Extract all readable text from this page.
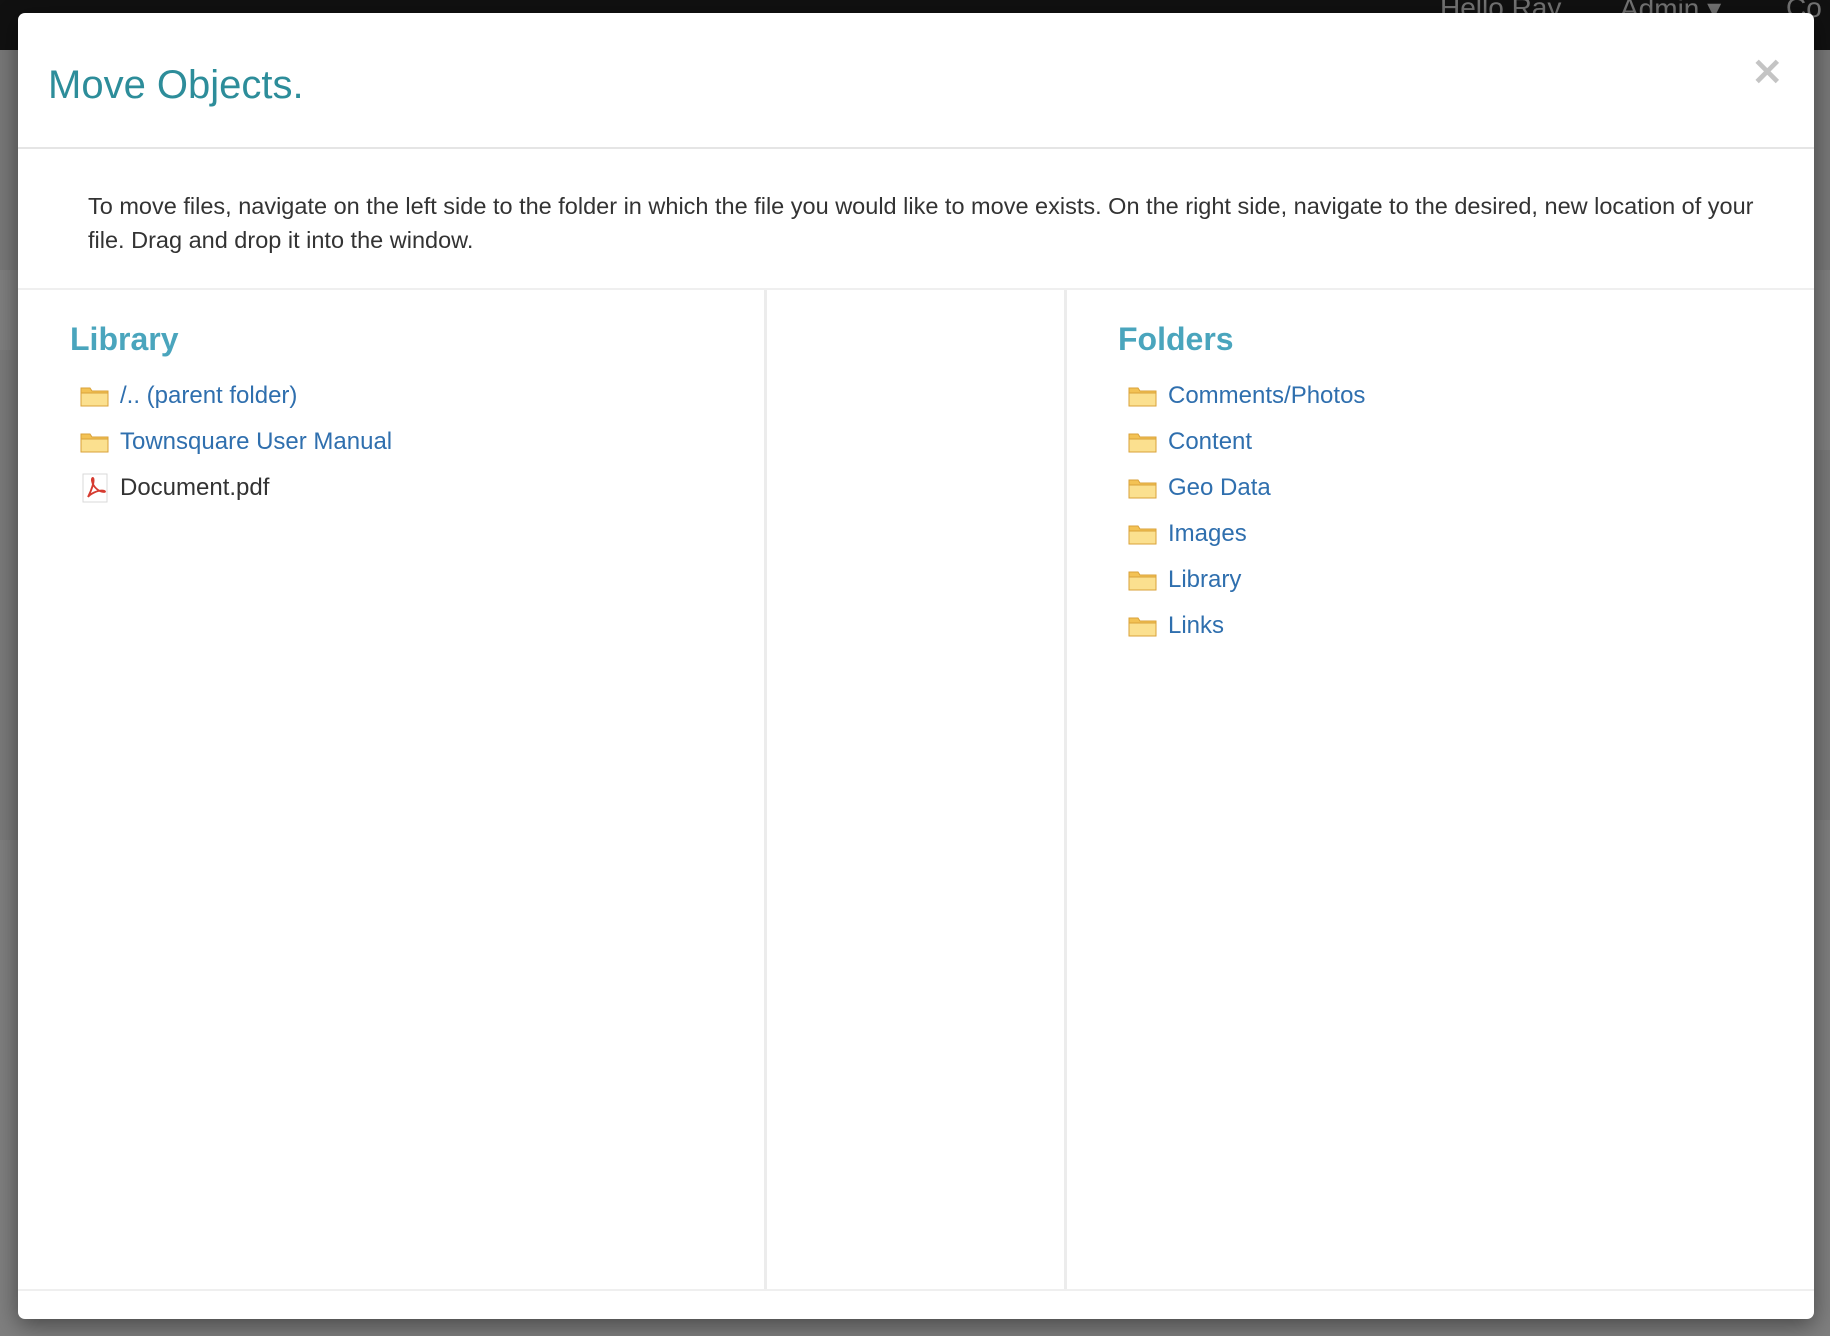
Move Objects.	×

To move files, navigate on the left side to the folder in which the file you would like to move exists. On the right side, navigate to the desired, new location of your file. Drag and drop it into the window.

Library
/.. (parent folder)
Townsquare User Manual
Document.pdf
Folders
Comments/Photos
Content
Geo Data
Images
Library
Links
